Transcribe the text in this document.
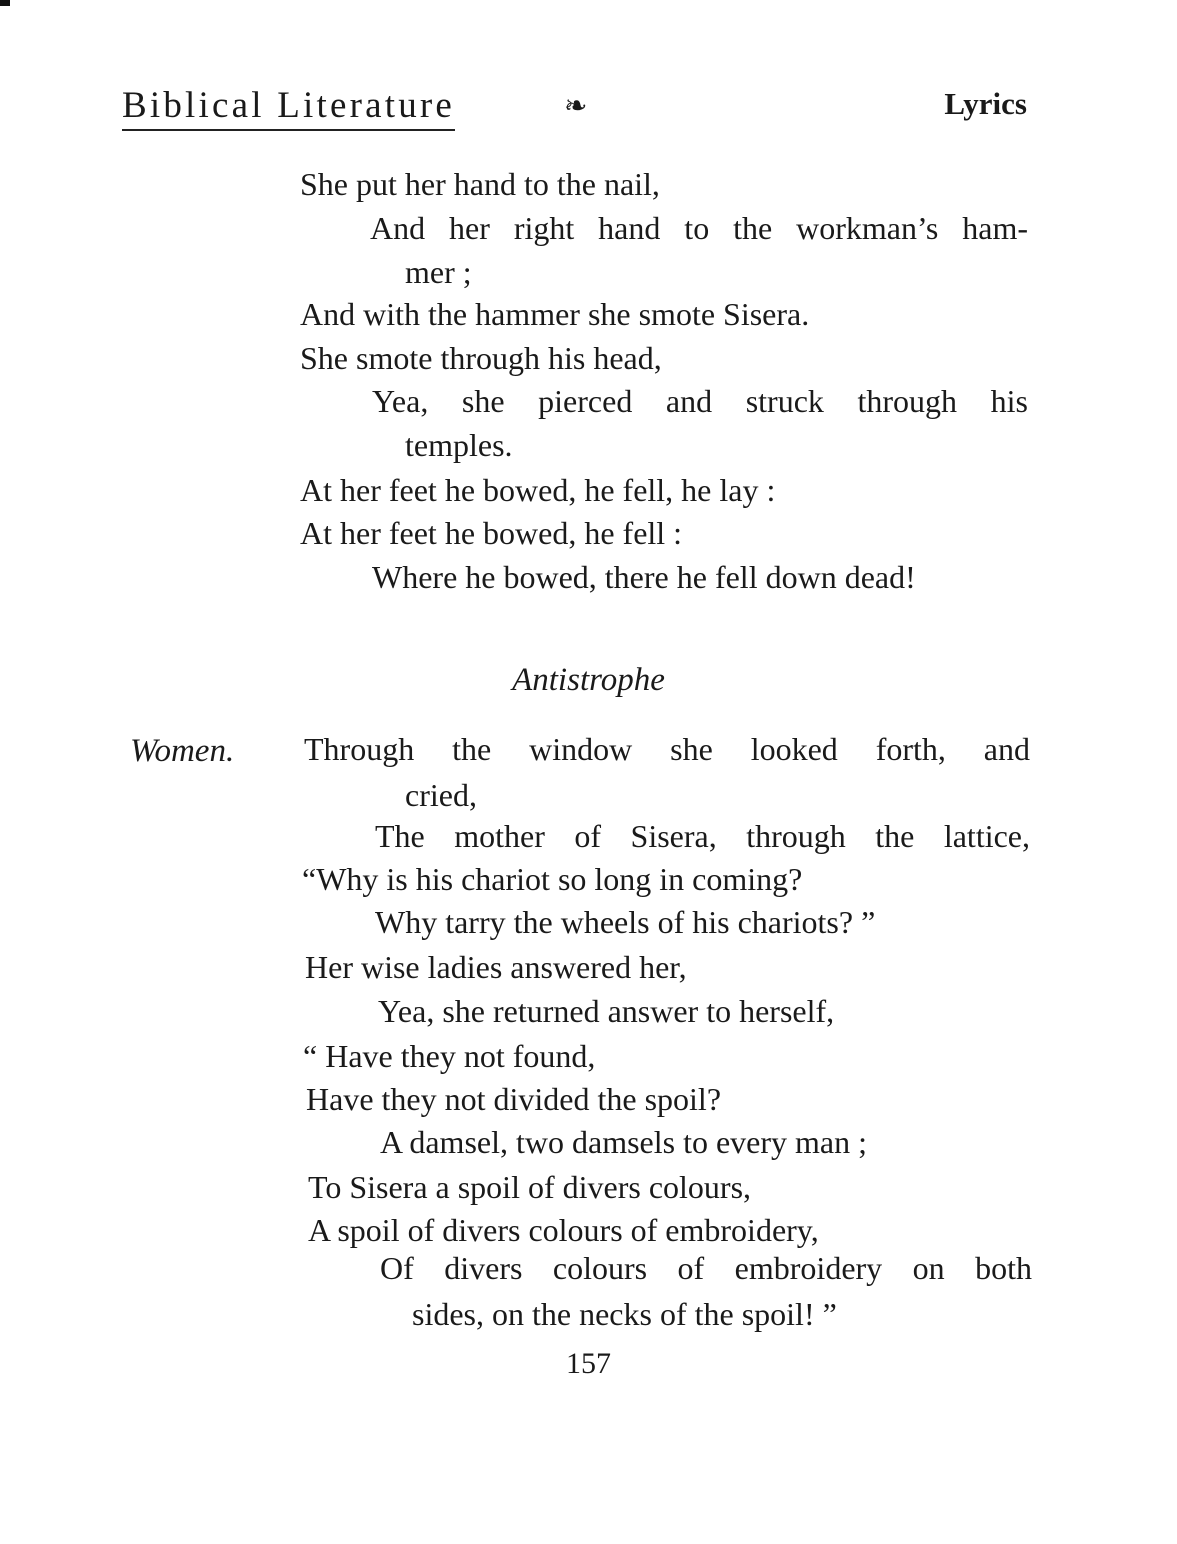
Biblical Literature	❧	Lyrics
She put her hand to the nail,
And her right hand to the workman’s ham-
mer ;
And with the hammer she smote Sisera.
She smote through his head,
Yea, she pierced and struck through his
temples.
At her feet he bowed, he fell, he lay :
At her feet he bowed, he fell :
Where he bowed, there he fell down dead!
Antistrophe
Women. Through the window she looked forth, and
cried,
The mother of Sisera, through the lattice,
“Why is his chariot so long in coming?
Why tarry the wheels of his chariots? ”
Her wise ladies answered her,
Yea, she returned answer to herself,
“ Have they not found,
Have they not divided the spoil?
A damsel, two damsels to every man ;
To Sisera a spoil of divers colours,
A spoil of divers colours of embroidery,
Of divers colours of embroidery on both
sides, on the necks of the spoil! ”
157
